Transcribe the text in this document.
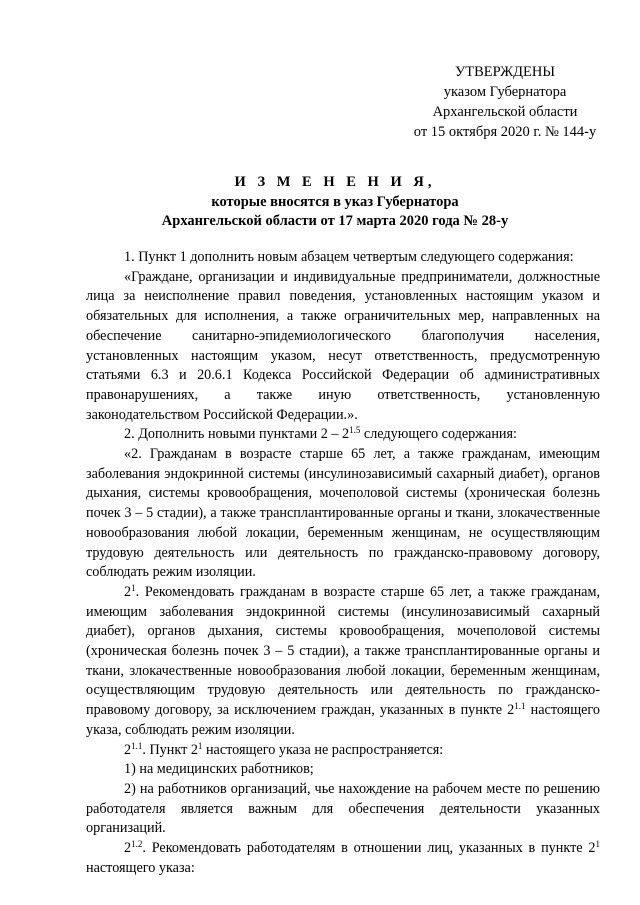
УТВЕРЖДЕНЫ
указом Губернатора
Архангельской области
от 15 октября 2020 г. № 144-у
И З М Е Н Е Н И Я,
которые вносятся в указ Губернатора
Архангельской области от 17 марта 2020 года № 28-у

1. Пункт 1 дополнить новым абзацем четвертым следующего содержания:

«Граждане, организации и индивидуальные предприниматели, должностные лица за неисполнение правил поведения, установленных настоящим указом и обязательных для исполнения, а также ограничительных мер, направленных на обеспечение санитарно-эпидемиологического благополучия населения, установленных настоящим указом, несут ответственность, предусмотренную статьями 6.3 и 20.6.1 Кодекса Российской Федерации об административных правонарушениях, а также иную ответственность, установленную законодательством Российской Федерации.».

2. Дополнить новыми пунктами $2 - 2^{1.5}$ следующего содержания:

«2. Гражданам в возрасте старше 65 лет, а также гражданам, имеющим заболевания эндокринной системы (инсулинозависимый сахарный диабет), органов дыхания, системы кровообращения, мочеполовой системы (хроническая болезнь почек 3 – 5 стадии), а также трансплантированные органы и ткани, злокачественные новообразования любой локации, беременным женщинам, не осуществляющим трудовую деятельность или деятельность по гражданско-правовому договору, соблюдать режим изоляции.

$2^1$. Рекомендовать гражданам в возрасте старше 65 лет, а также гражданам, имеющим заболевания эндокринной системы (инсулинозависимый сахарный диабет), органов дыхания, системы кровообращения, мочеполовой системы (хроническая болезнь почек 3 – 5 стадии), а также трансплантированные органы и ткани, злокачественные новообразования любой локации, беременным женщинам, осуществляющим трудовую деятельность или деятельность по гражданско-правовому договору, за исключением граждан, указанных в пункте $2^{1.1}$ настоящего указа, соблюдать режим изоляции.

$2^{1.1}$. Пункт $2^1$ настоящего указа не распространяется:

1) на медицинских работников;

2) на работников организаций, чье нахождение на рабочем месте по решению работодателя является важным для обеспечения деятельности указанных организаций.

$2^{1.2}$. Рекомендовать работодателям в отношении лиц, указанных в пункте $2^1$ настоящего указа:
